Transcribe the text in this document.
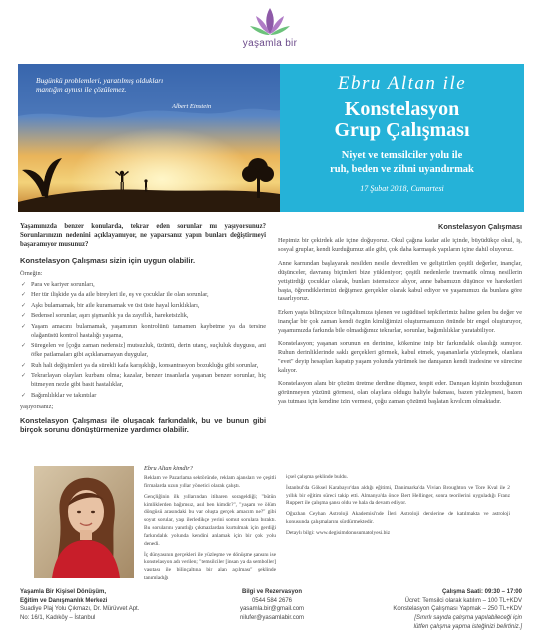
yaşamla bir
Bugünkü problemleri, yaratılmış oldukları
mantığın aynısı ile çözülemez.
Albert Einstein
Ebru Altan ile
Konstelasyon
Grup Çalışması
Niyet ve temsilciler yolu ile
ruh, beden ve zihni uyandırmak
17 Şubat 2018, Cumartesi
Yaşamınızda benzer konularda, tekrar eden sorunlar mı yaşıyorsunuz? Sorunlarınızın nedenini açıklayamıyor, ne yaparsanız yapın bunları değiştirmeyi başaramıyor musunuz?
Konstelasyon Çalışması sizin için uygun olabilir.
Örneğin:
✓ Para ve kariyer sorunları,
✓ Her tür ilişkide ya da aile bireyleri ile, eş ve çocuklar ile olan sorunlar,
✓ Aşkı bulamamak, bir aile kuramamak ve üst üste hayal kırıklıkları,
✓ Bedensel sorunlar, aşırı şişmanlık ya da zayıflık, hareketsizlik,
✓ Yaşam amacını bulamamak, yaşamının kontrolünü tamamen kaybetme ya da tersine olağanüstü kontrol hastalığı yaşama,
✓ Süregelen ve [çoğu zaman nedensiz] mutsuzluk, üzüntü, derin utanç, suçluluk duygusu, ani öfke patlamaları gibi açıklanamayan duygular,
✓ Ruh hali değişimleri ya da sürekli kafa karışıklığı, konsantrasyon bozukluğu gibi sorunlar,
✓ Tekrarlayan olayları kurbanı olma; kazalar, benzer insanlarla yaşanan benzer sorunlar, hiç bitmeyen nezle gibi basit hastalıklar,
✓ Bağımlılıklar ve takıntılar
yaşıyorsanız;
Konstelasyon Çalışması ile oluşacak farkındalık, bu ve bunun gibi birçok sorunu dönüştürmenize yardımcı olabilir.
Konstelasyon Çalışması

Hepimiz bir çekirdek aile içine doğuyoruz. Okul çağına kadar aile içinde, büyüdükçe okul, iş, sosyal gruplar, kendi kurduğumuz aile gibi, çok daha karmaşık yapıların içine dahil oluyoruz.

Anne karnından başlayarak nesilden nesile devredilen ve geliştirilen çeşitli değerler, inançlar, düşünceler, davranış biçimleri bize yükleniyor; çeşitli nedenlerle travmatik olmuş nesillerin yetiştirdiği çocuklar olarak, bunları istemsizce alıyor, anne babamızın düşünce ve hareketleri başta, öğrendiklerimizi değişmez gerçekler olarak kabul ediyor ve yaşamımızı da bunlara göre tasarlıyoruz.

Erken yaşta bilinçsizce bilinçaltımıza işlenen ve ısgüdüsel tepkilerimiz haline gelen bu değer ve inançlar bir çok zaman kendi özgün kimliğimizi oluşturmamızın önünde bir engel oluşturuyor, yaşamımızda farkında bile olmadığımız tekrarlar, sorunlar, bağımlılıklar yaratabiliyor.

Konstelasyon; yaşanan sorunun en derinine, kökenine inip bir farkındalık olasılığı sunuyor. Ruhun derinliklerinde saklı gerçekleri görmek, kabul etmek, yaşananlarla yüzleşmek, olanlara "evet" deyip hesapları kapatıp yaşam yolunda yürümek ise danışanın kendi iradesine ve sürecine kalıyor.

Konstelasyon alanı bir çözüm üretme derdine düşmez, tespit eder. Danışan kişinin bozduğunun görünmeyen yüzünü görmesi, olan olaylara oldugu haliyle bakması, bazen yüzleşmesi, bazen yas tutması için kendine izin vermesi, çoğu zaman çözümü başlatan kıvılcım olmaktadır.

Ebru Altan kimdir?

Reklam ve Pazarlama sektöründe, reklam ajansları ve çeşitli firmalarda uzun yıllar yönetici olarak çalıştı.

Gençliğinin ilk yıllarından itibaren sorageldiği; "bütün kimliklerden bağımsız, asıl ben kimdir?", "yaşam ve ölüm döngüsü arasındaki bu var oluşta gerçek amacım ne?" gibi soyut sorular, yaşı ilerledikçe yerini somut sorulara bıraktı. Bu sorularını yanıtlığı çıkmazlardan kurtulmak için gerdiği farkındalık yolunda kendini anlamak için bir çok yolu denedi.

İç dünyasının gerçekleri ile yüzleşme ve dönüşme şansını ise konstelasyon adı verilen; "temsilciler [insan ya da semboller] vasıtası ile bilinçaltına bir alan açılması" şeklinde tanımladığı

içsel çalışma şeklinde buldu.

İstanbul'da Göksel Karabayır'dan aldığı eğitimi, Danimarka'da Vivian Broughton ve Tore Kval ile 2 yıllık bir eğitim süreci takip etti. Almanya'da önce Bert Hellinger, sonra teorilerini uyguladığı Franz Ruppert ile çalışma şansı oldu ve hala da devam ediyor.

Oğuzhan Ceyhan Astroloji Akademisi'nde İleri Astroloji derslerine de katılmakta ve astroloji konusunda çalışmalarını sürdürmektedir.

Detaylı bilgi: www.degisimdonusumatolyesi.biz

Yaşamla Bir Kişisel Dönüşüm,
Eğitim ve Danışmanlık Merkezi
Suadiye Plaj Yolu Çıkmazı, Dr. Mürüvvet Apt.
No: 16/1, Kadıköy – İstanbul
Bilgi ve Rezervasyon
0544 584 2676
yasamla.bir@gmail.com
nilufer@yasamlabir.com
Çalışma Saati: 09:30 – 17:00
Ücret: Temsilci olarak katılım – 100 TL+KDV
Konstelasyon Çalışması Yapmak – 250 TL+KDV
[Sınırlı sayıda çalışma yapılabileceği için
lütfen çalışma yapma isteğinizi belirtiniz.]
